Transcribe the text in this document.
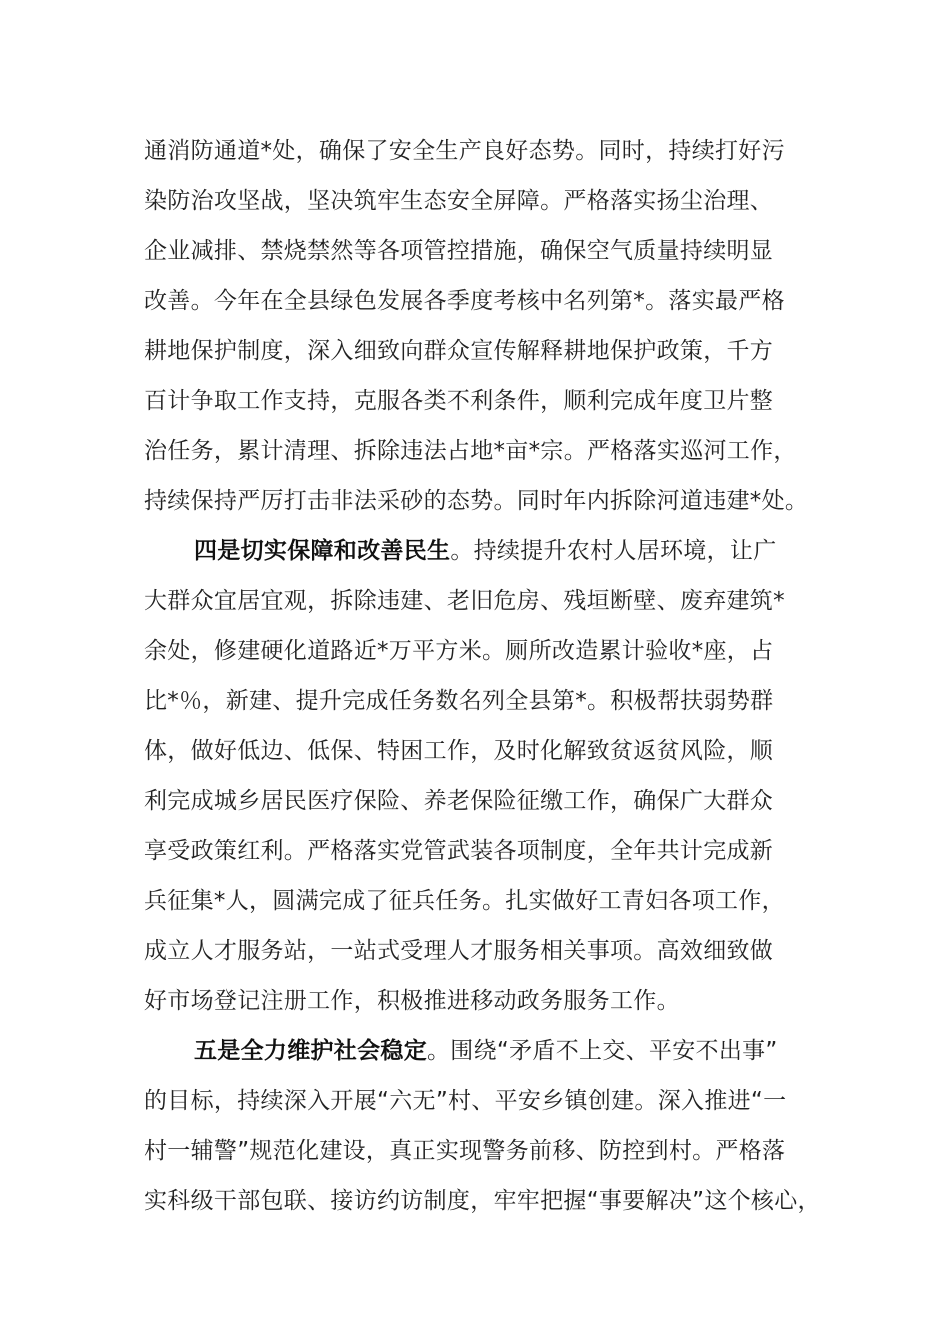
通消防通道*处，确保了安全生产良好态势。同时，持续打好污
染防治攻坚战，坚决筑牢生态安全屏障。严格落实扬尘治理、
企业减排、禁烧禁然等各项管控措施，确保空气质量持续明显
改善。今年在全县绿色发展各季度考核中名列第*。落实最严格
耕地保护制度，深入细致向群众宣传解释耕地保护政策，千方
百计争取工作支持，克服各类不利条件，顺利完成年度卫片整
治任务，累计清理、拆除违法占地*亩*宗。严格落实巡河工作，
持续保持严厉打击非法采砂的态势。同时年内拆除河道违建*处。
四是切实保障和改善民生。持续提升农村人居环境，让广
大群众宜居宜观，拆除违建、老旧危房、残垣断壁、废弃建筑*
余处，修建硬化道路近*万平方米。厕所改造累计验收*座，占
比*％，新建、提升完成任务数名列全县第*。积极帮扶弱势群
体，做好低边、低保、特困工作，及时化解致贫返贫风险，顺
利完成城乡居民医疗保险、养老保险征缴工作，确保广大群众
享受政策红利。严格落实党管武装各项制度，全年共计完成新
兵征集*人，圆满完成了征兵任务。扎实做好工青妇各项工作，
成立人才服务站，一站式受理人才服务相关事项。高效细致做
好市场登记注册工作，积极推进移动政务服务工作。
五是全力维护社会稳定。围绕“矛盾不上交、平安不出事”
的目标，持续深入开展“六无”村、平安乡镇创建。深入推进“一
村一辅警”规范化建设，真正实现警务前移、防控到村。严格落
实科级干部包联、接访约访制度，牢牢把握“事要解决”这个核心，
